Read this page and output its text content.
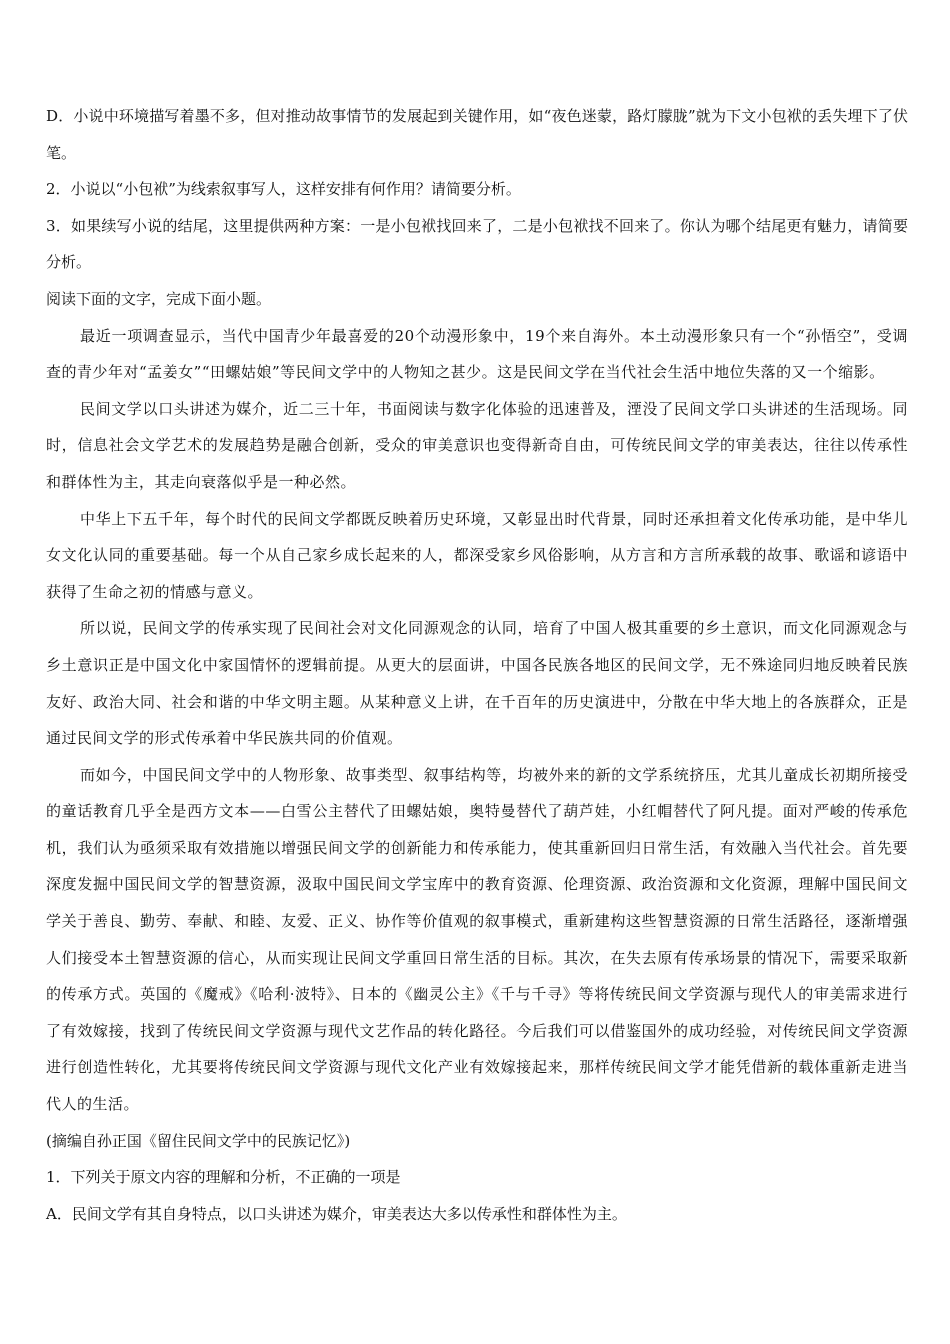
D．小说中环境描写着墨不多，但对推动故事情节的发展起到关键作用，如“夜色迷蒙，路灯朦胧”就为下文小包袱的丢失埋下了伏笔。

2．小说以“小包袱”为线索叙事写人，这样安排有何作用？请简要分析。

3．如果续写小说的结尾，这里提供两种方案：一是小包袱找回来了，二是小包袱找不回来了。你认为哪个结尾更有魅力，请简要分析。

阅读下面的文字，完成下面小题。

最近一项调查显示，当代中国青少年最喜爱的20个动漫形象中，19个来自海外。本土动漫形象只有一个“孙悟空”，受调查的青少年对“孟姜女”“田螺姑娘”等民间文学中的人物知之甚少。这是民间文学在当代社会生活中地位失落的又一个缩影。

民间文学以口头讲述为媒介，近二三十年，书面阅读与数字化体验的迅速普及，湮没了民间文学口头讲述的生活现场。同时，信息社会文学艺术的发展趋势是融合创新，受众的审美意识也变得新奇自由，可传统民间文学的审美表达，往往以传承性和群体性为主，其走向衰落似乎是一种必然。

中华上下五千年，每个时代的民间文学都既反映着历史环境，又彰显出时代背景，同时还承担着文化传承功能，是中华儿女文化认同的重要基础。每一个从自己家乡成长起来的人，都深受家乡风俗影响，从方言和方言所承载的故事、歌谣和谚语中获得了生命之初的情感与意义。

所以说，民间文学的传承实现了民间社会对文化同源观念的认同，培育了中国人极其重要的乡土意识，而文化同源观念与乡土意识正是中国文化中家国情怀的逻辑前提。从更大的层面讲，中国各民族各地区的民间文学，无不殊途同归地反映着民族友好、政治大同、社会和谐的中华文明主题。从某种意义上讲，在千百年的历史演进中，分散在中华大地上的各族群众，正是通过民间文学的形式传承着中华民族共同的价值观。

而如今，中国民间文学中的人物形象、故事类型、叙事结构等，均被外来的新的文学系统挤压，尤其儿童成长初期所接受的童话教育几乎全是西方文本——白雪公主替代了田螺姑娘，奥特曼替代了葫芦娃，小红帽替代了阿凡提。面对严峻的传承危机，我们认为亟须采取有效措施以增强民间文学的创新能力和传承能力，使其重新回归日常生活，有效融入当代社会。首先要深度发掘中国民间文学的智慧资源，汲取中国民间文学宝库中的教育资源、伦理资源、政治资源和文化资源，理解中国民间文学关于善良、勤劳、奉献、和睦、友爱、正义、协作等价值观的叙事模式，重新建构这些智慧资源的日常生活路径，逐渐增强人们接受本土智慧资源的信心，从而实现让民间文学重回日常生活的目标。其次，在失去原有传承场景的情况下，需要采取新的传承方式。英国的《魔戒》《哈利·波特》、日本的《幽灵公主》《千与千寻》等将传统民间文学资源与现代人的审美需求进行了有效嫁接，找到了传统民间文学资源与现代文艺作品的转化路径。今后我们可以借鉴国外的成功经验，对传统民间文学资源进行创造性转化，尤其要将传统民间文学资源与现代文化产业有效嫁接起来，那样传统民间文学才能凭借新的载体重新走进当代人的生活。

(摘编自孙正国《留住民间文学中的民族记忆》)

1．下列关于原文内容的理解和分析，不正确的一项是

A．民间文学有其自身特点，以口头讲述为媒介，审美表达大多以传承性和群体性为主。
